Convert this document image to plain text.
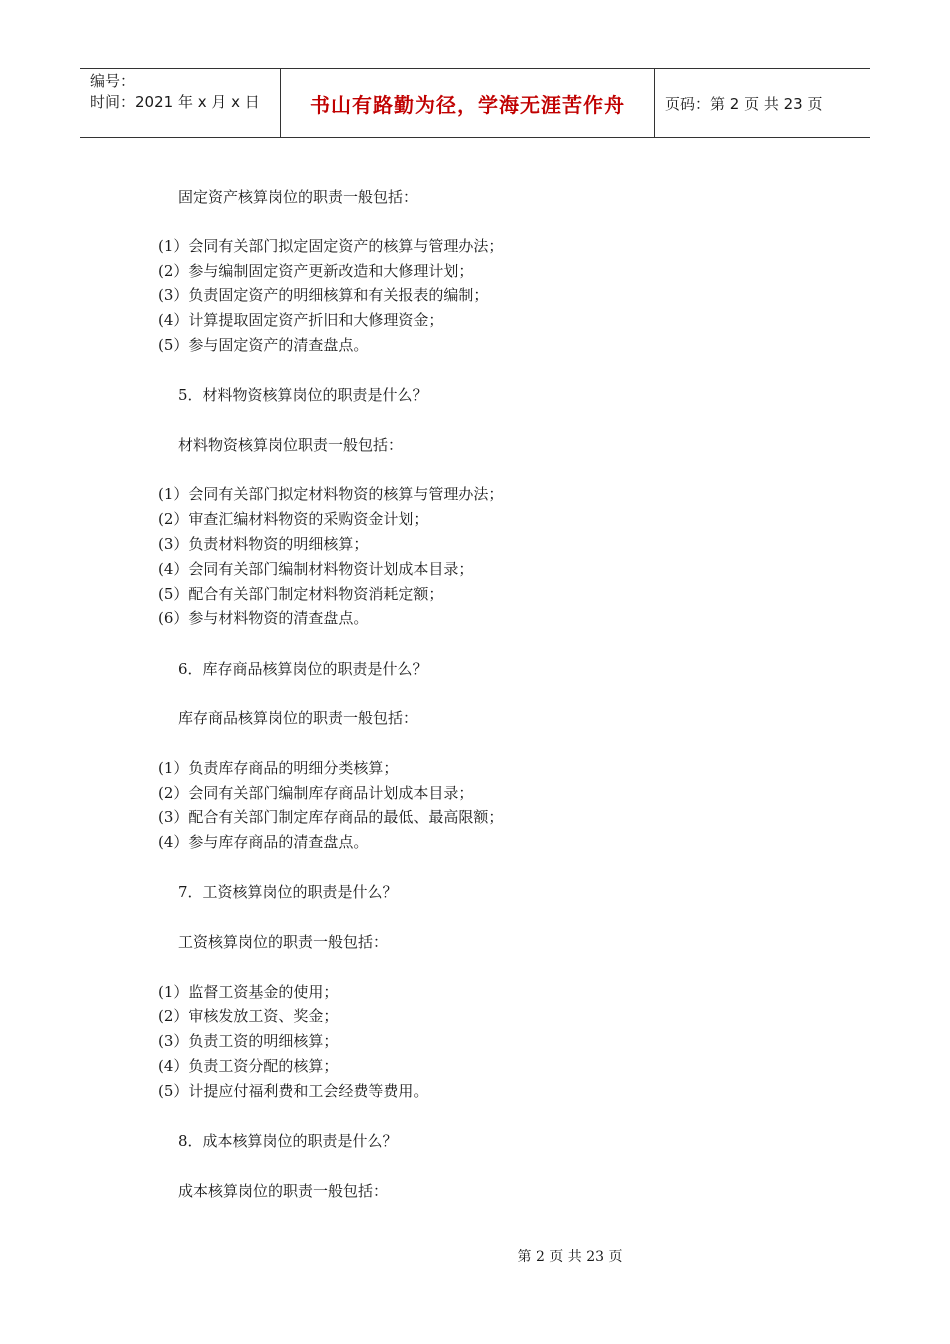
编号：
时间：2021 年 x 月 x 日	书山有路勤为径，学海无涯苦作舟	页码：第 2 页 共 23 页
固定资产核算岗位的职责一般包括：
(1）会同有关部门拟定固定资产的核算与管理办法；
(2）参与编制固定资产更新改造和大修理计划；
(3）负责固定资产的明细核算和有关报表的编制；
(4）计算提取固定资产折旧和大修理资金；
(5）参与固定资产的清查盘点。
5．材料物资核算岗位的职责是什么？
材料物资核算岗位职责一般包括：
(1）会同有关部门拟定材料物资的核算与管理办法；
(2）审查汇编材料物资的采购资金计划；
(3）负责材料物资的明细核算；
(4）会同有关部门编制材料物资计划成本目录；
(5）配合有关部门制定材料物资消耗定额；
(6）参与材料物资的清查盘点。
6．库存商品核算岗位的职责是什么？
库存商品核算岗位的职责一般包括：
(1）负责库存商品的明细分类核算；
(2）会同有关部门编制库存商品计划成本目录；
(3）配合有关部门制定库存商品的最低、最高限额；
(4）参与库存商品的清查盘点。
7．工资核算岗位的职责是什么？
工资核算岗位的职责一般包括：
(1）监督工资基金的使用；
(2）审核发放工资、奖金；
(3）负责工资的明细核算；
(4）负责工资分配的核算；
(5）计提应付福利费和工会经费等费用。
8．成本核算岗位的职责是什么？
成本核算岗位的职责一般包括：
第 2 页 共 23 页
